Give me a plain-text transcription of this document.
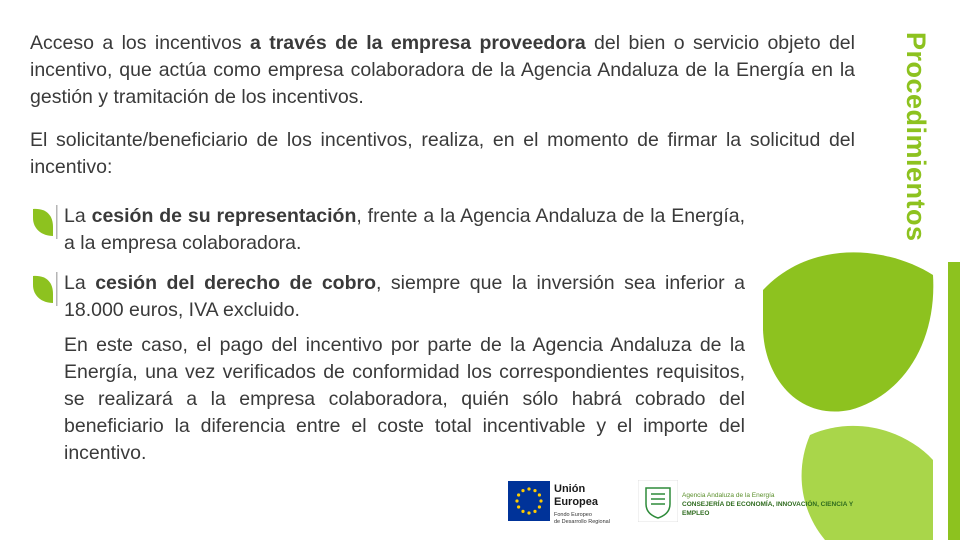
Acceso a los incentivos a través de la empresa proveedora del bien o servicio objeto del incentivo, que actúa como empresa colaboradora de la Agencia Andaluza de la Energía en la gestión y tramitación de los incentivos.

El solicitante/beneficiario de los incentivos, realiza, en el momento de firmar la solicitud del incentivo:

La cesión de su representación, frente a la Agencia Andaluza de la Energía, a la empresa colaboradora.

La cesión del derecho de cobro, siempre que la inversión sea inferior a 18.000 euros, IVA excluido.

En este caso, el pago del incentivo por parte de la Agencia Andaluza de la Energía, una vez verificados de conformidad los correspondientes requisitos, se realizará a la empresa colaboradora, quién sólo habrá cobrado del beneficiario la diferencia entre el coste total incentivable y el importe del incentivo.

Procedimientos
Unión Europea
Fondo Europeo
de Desarrollo Regional
Agencia Andaluza de la Energía
CONSEJERÍA DE ECONOMÍA, INNOVACIÓN, CIENCIA Y EMPLEO
